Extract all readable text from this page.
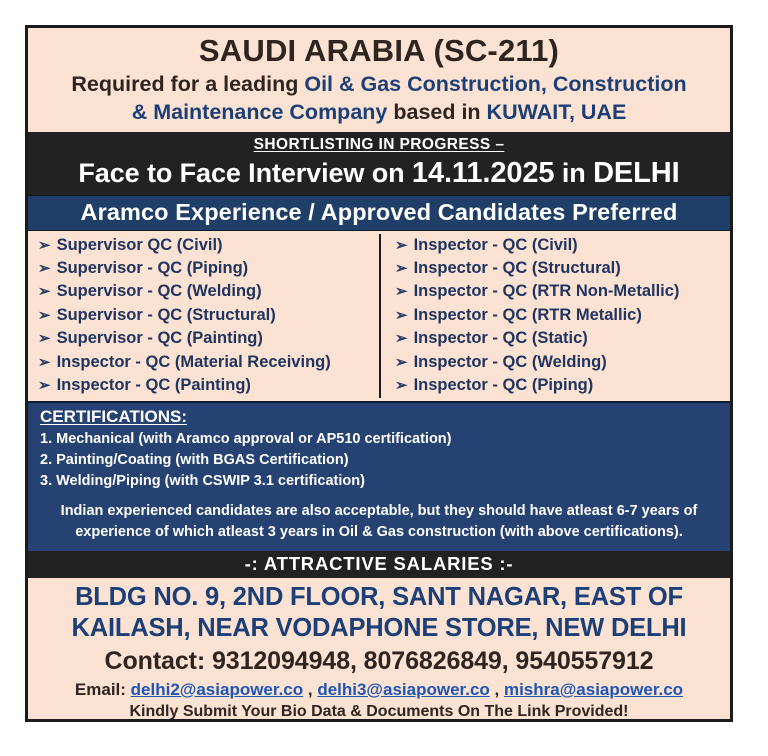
SAUDI ARABIA (SC-211)
Required for a leading Oil & Gas Construction, Construction
& Maintenance Company based in KUWAIT, UAE
SHORTLISTING IN PROGRESS –
Face to Face Interview on 14.11.2025 in DELHI
Aramco Experience / Approved Candidates Preferred
➢ Supervisor QC (Civil)
➢ Supervisor - QC (Piping)
➢ Supervisor - QC (Welding)
➢ Supervisor - QC (Structural)
➢ Supervisor - QC (Painting)
➢ Inspector - QC (Material Receiving)
➢ Inspector - QC (Painting)
➢ Inspector - QC (Civil)
➢ Inspector - QC (Structural)
➢ Inspector - QC (RTR Non-Metallic)
➢ Inspector - QC (RTR Metallic)
➢ Inspector - QC (Static)
➢ Inspector - QC (Welding)
➢ Inspector - QC (Piping)
CERTIFICATIONS:
1. Mechanical (with Aramco approval or AP510 certification)
2. Painting/Coating (with BGAS Certification)
3. Welding/Piping (with CSWIP 3.1 certification)
Indian experienced candidates are also acceptable, but they should have atleast 6-7 years of
experience of which atleast 3 years in Oil & Gas construction (with above certifications).
-: ATTRACTIVE SALARIES :-
BLDG NO. 9, 2ND FLOOR, SANT NAGAR, EAST OF
KAILASH, NEAR VODAPHONE STORE, NEW DELHI
Contact: 9312094948, 8076826849, 9540557912
Email: delhi2@asiapower.co , delhi3@asiapower.co , mishra@asiapower.co
Kindly Submit Your Bio Data & Documents On The Link Provided!
